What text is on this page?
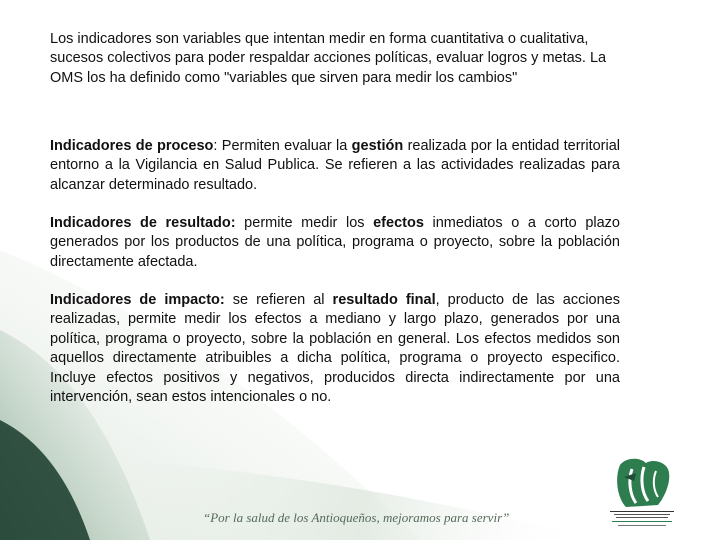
Los indicadores son variables que intentan medir en forma cuantitativa o cualitativa, sucesos colectivos para poder respaldar acciones políticas, evaluar logros y metas. La OMS los ha definido como "variables que sirven para medir los cambios"

Indicadores de proceso: Permiten evaluar la gestión realizada por la entidad territorial entorno a la Vigilancia en Salud Publica. Se refieren a las actividades realizadas para alcanzar determinado resultado.

Indicadores de resultado: permite medir los efectos inmediatos o a corto plazo generados por los productos de una política, programa o proyecto, sobre la población directamente afectada.

Indicadores de impacto: se refieren al resultado final, producto de las acciones realizadas, permite medir los efectos a mediano y largo plazo, generados por una política, programa o proyecto, sobre la población en general. Los efectos medidos son aquellos directamente atribuibles a dicha política, programa o proyecto especifico. Incluye efectos positivos y negativos, producidos directa indirectamente por una intervención, sean estos intencionales o no.

“Por la salud de los Antioqueños, mejoramos para servir”
